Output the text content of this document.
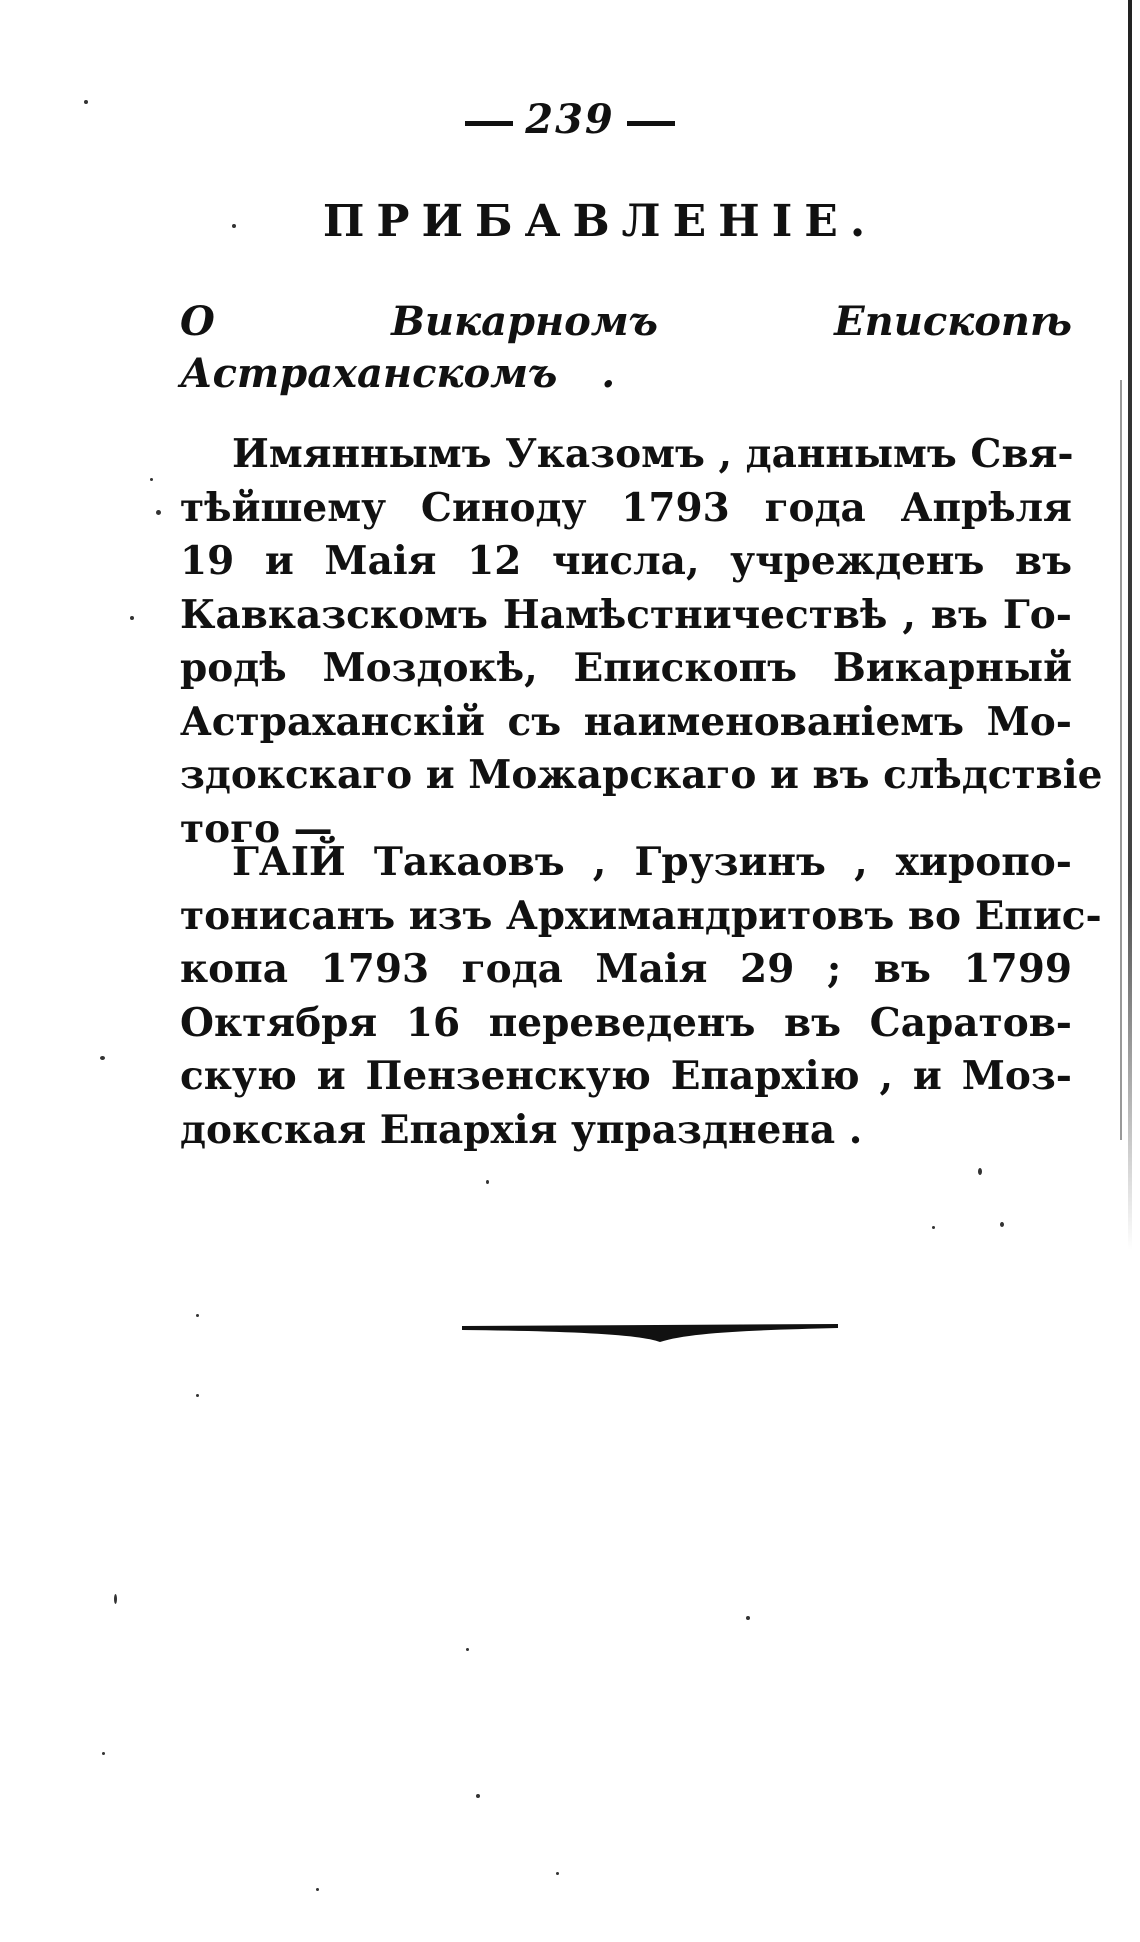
239
ПРИБАВЛЕНІЕ.
О Викарномъ Епископѣ Астраханскомъ .
Имяннымъ Указомъ , даннымъ Свя-
тѣйшему Синоду 1793 года Апрѣля
19 и Маія 12 числа, учрежденъ въ
Кавказскомъ Намѣстничествѣ , въ Го-
родѣ Моздокѣ, Епископъ Викарный
Астраханскій съ наименованіемъ Мо-
здокскаго и Можарскаго и въ слѣдствіе
того —
ГАІЙ Такаовъ , Грузинъ , хиропо-
тонисанъ изъ Архимандритовъ во Епис-
копа 1793 года Маія 29 ; въ 1799
Октября 16 переведенъ въ Саратов-
скую и Пензенскую Епархію , и Моз-
докская Епархія упразднена .
